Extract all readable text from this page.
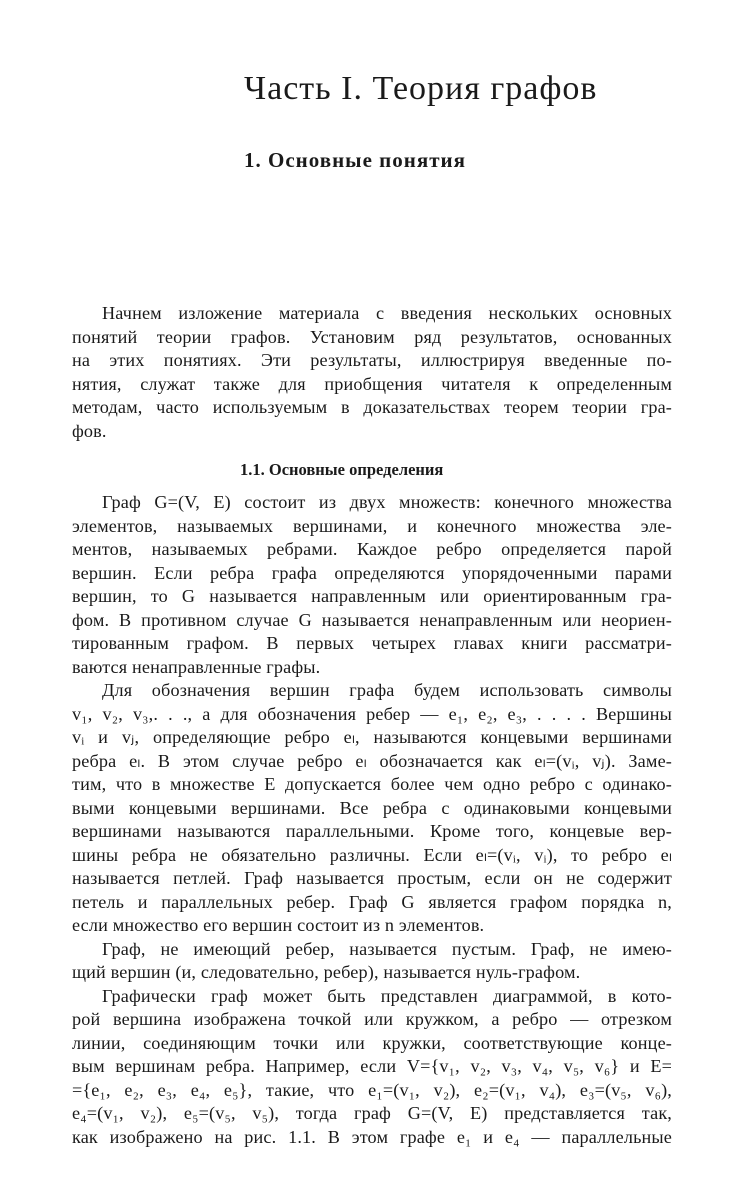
Часть I. Теория графов
1. Основные понятия
Начнем изложение материала с введения нескольких основных
понятий теории графов. Установим ряд результатов, основанных
на этих понятиях. Эти результаты, иллюстрируя введенные по-
нятия, служат также для приобщения читателя к определенным
методам, часто используемым в доказательствах теорем теории гра-
фов.
1.1. Основные определения
Граф G=(V, E) состоит из двух множеств: конечного множества
элементов, называемых вершинами, и конечного множества эле-
ментов, называемых ребрами. Каждое ребро определяется парой
вершин. Если ребра графа определяются упорядоченными парами
вершин, то G называется направленным или ориентированным гра-
фом. В противном случае G называется ненаправленным или неориен-
тированным графом. В первых четырех главах книги рассматри-
ваются ненаправленные графы.
Для обозначения вершин графа будем использовать символы
v₁, v₂, v₃,. . ., а для обозначения ребер — e₁, e₂, e₃, . . . . Вершины
vᵢ и vⱼ, определяющие ребро eₗ, называются концевыми вершинами
ребра eₗ. В этом случае ребро eₗ обозначается как eₗ=(vᵢ, vⱼ). Заме-
тим, что в множестве E допускается более чем одно ребро с одинако-
выми концевыми вершинами. Все ребра с одинаковыми концевыми
вершинами называются параллельными. Кроме того, концевые вер-
шины ребра не обязательно различны. Если eₗ=(vᵢ, vᵢ), то ребро eₗ
называется петлей. Граф называется простым, если он не содержит
петель и параллельных ребер. Граф G является графом порядка n,
если множество его вершин состоит из n элементов.
Граф, не имеющий ребер, называется пустым. Граф, не имею-
щий вершин (и, следовательно, ребер), называется нуль-графом.
Графически граф может быть представлен диаграммой, в кото-
рой вершина изображена точкой или кружком, а ребро — отрезком
линии, соединяющим точки или кружки, соответствующие конце-
вым вершинам ребра. Например, если V={v₁, v₂, v₃, v₄, v₅, v₆} и E=
={e₁, e₂, e₃, e₄, e₅}, такие, что e₁=(v₁, v₂), e₂=(v₁, v₄), e₃=(v₅, v₆),
e₄=(v₁, v₂), e₅=(v₅, v₅), тогда граф G=(V, E) представляется так,
как изображено на рис. 1.1. В этом графе e₁ и e₄ — параллельные
